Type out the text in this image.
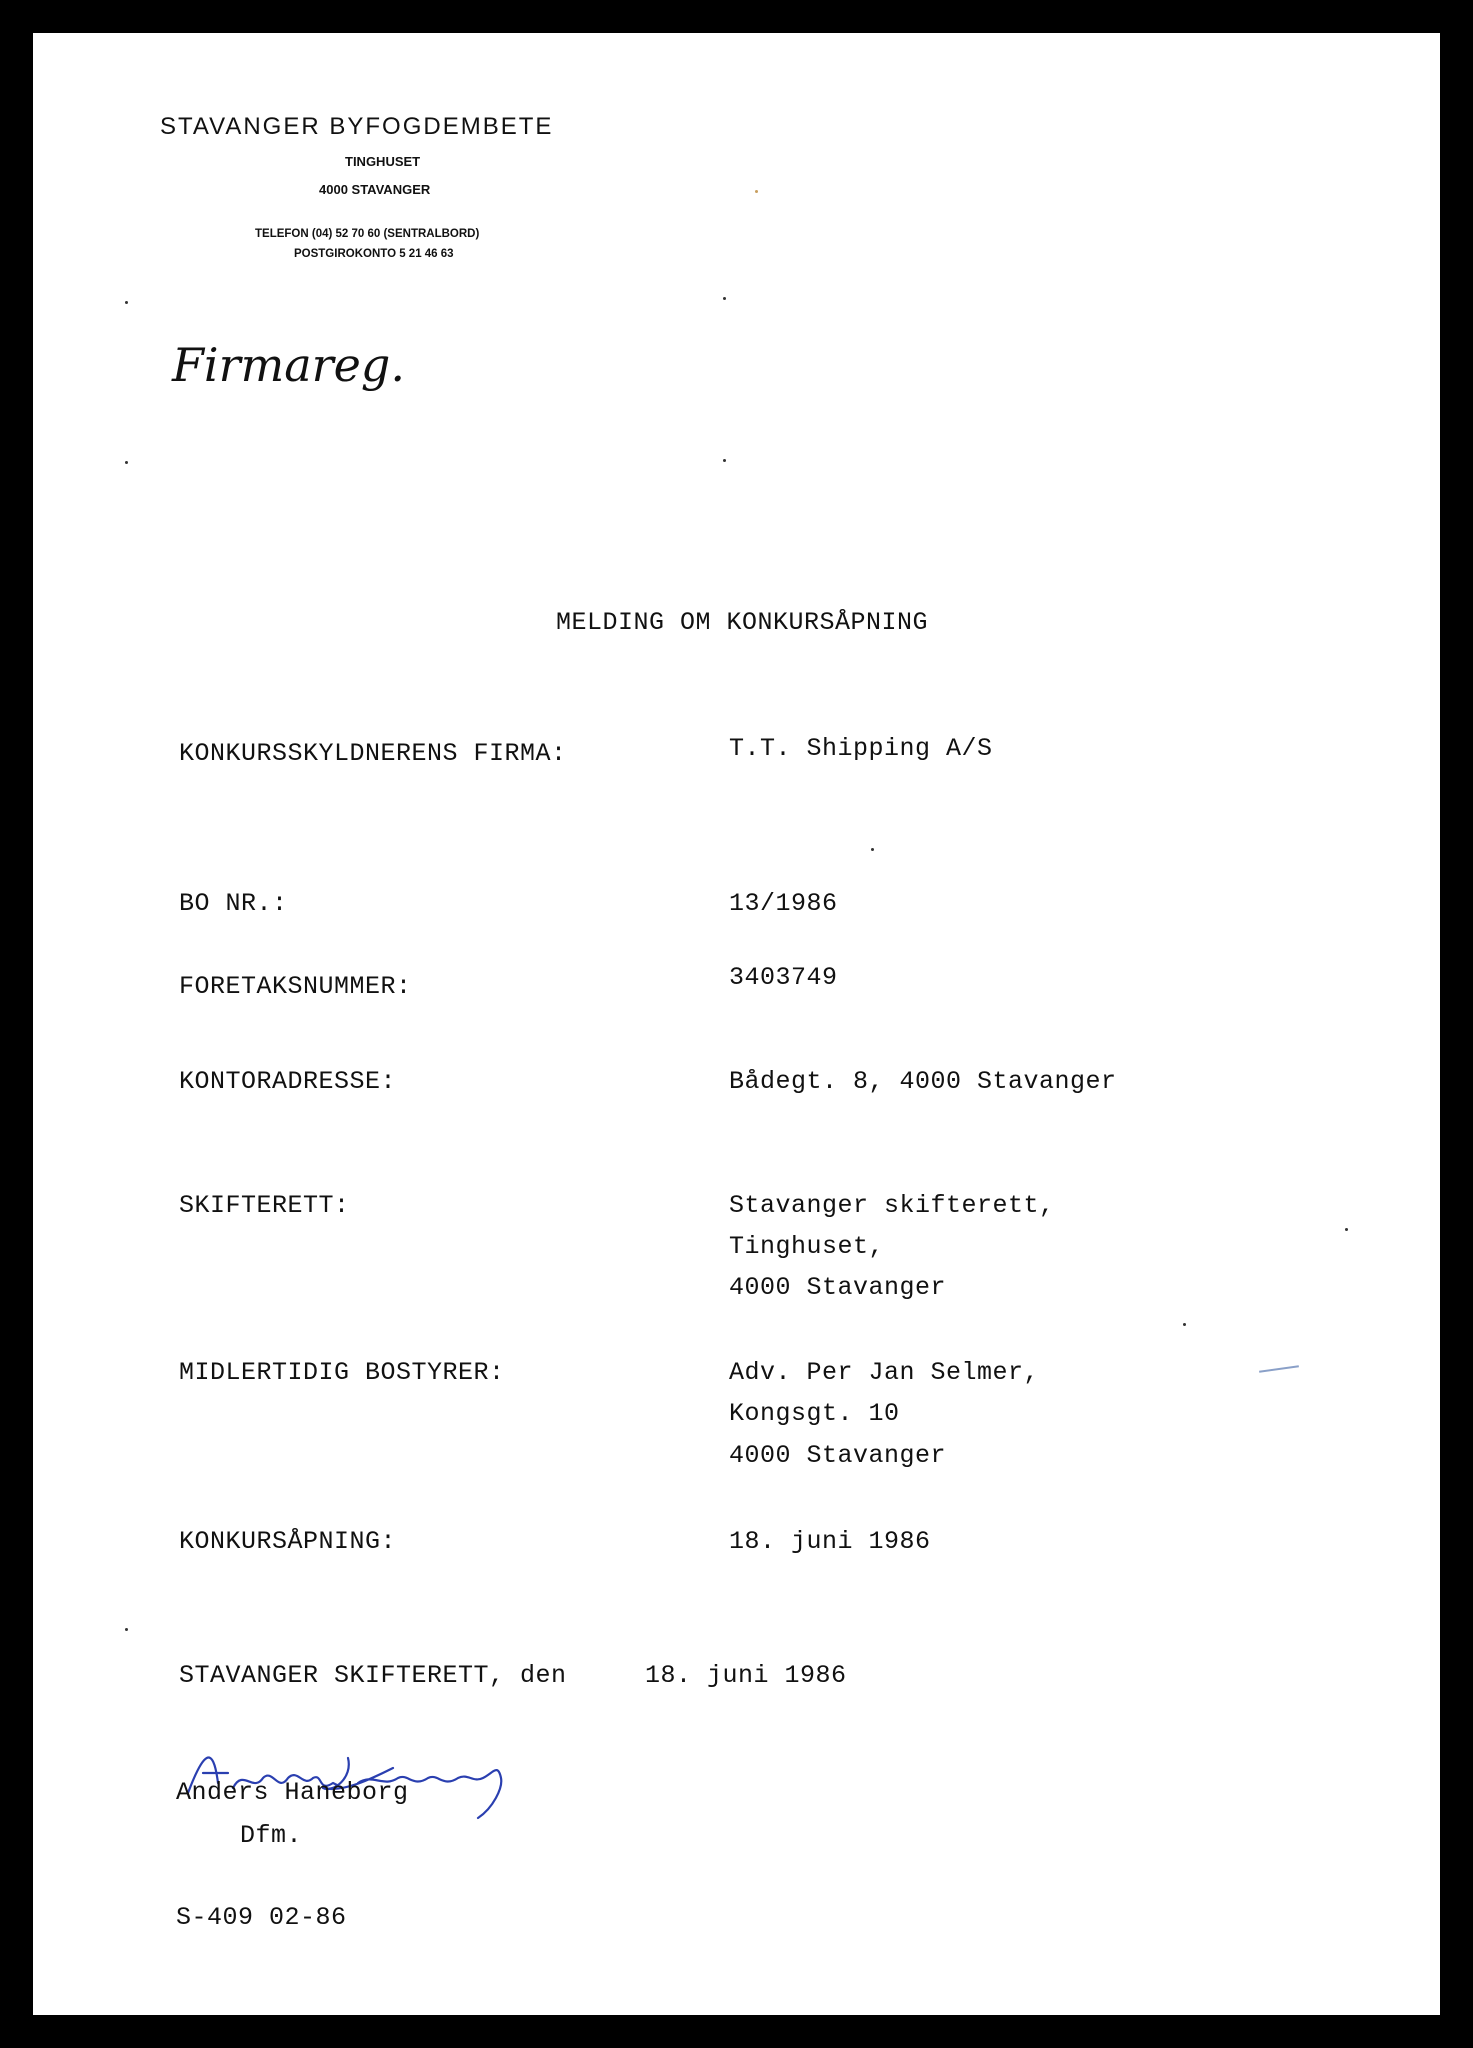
STAVANGER BYFOGDEMBETE
TINGHUSET
4000 STAVANGER
TELEFON (04) 52 70 60 (SENTRALBORD)
POSTGIROKONTO 5 21 46 63
Firmareg.
MELDING OM KONKURSÅPNING
KONKURSSKYLDNERENS FIRMA:	T.T. Shipping A/S
BO NR.:	13/1986
FORETAKSNUMMER:	3403749
KONTORADRESSE:	Bådegt. 8, 4000 Stavanger
SKIFTERETT:	Stavanger skifterett,
Tinghuset,
4000 Stavanger
MIDLERTIDIG BOSTYRER:	Adv. Per Jan Selmer,
Kongsgt. 10
4000 Stavanger
KONKURSÅPNING:	18. juni 1986
STAVANGER SKIFTERETT, den	18. juni 1986
Anders Haneborg
Dfm.
S-409 02-86
